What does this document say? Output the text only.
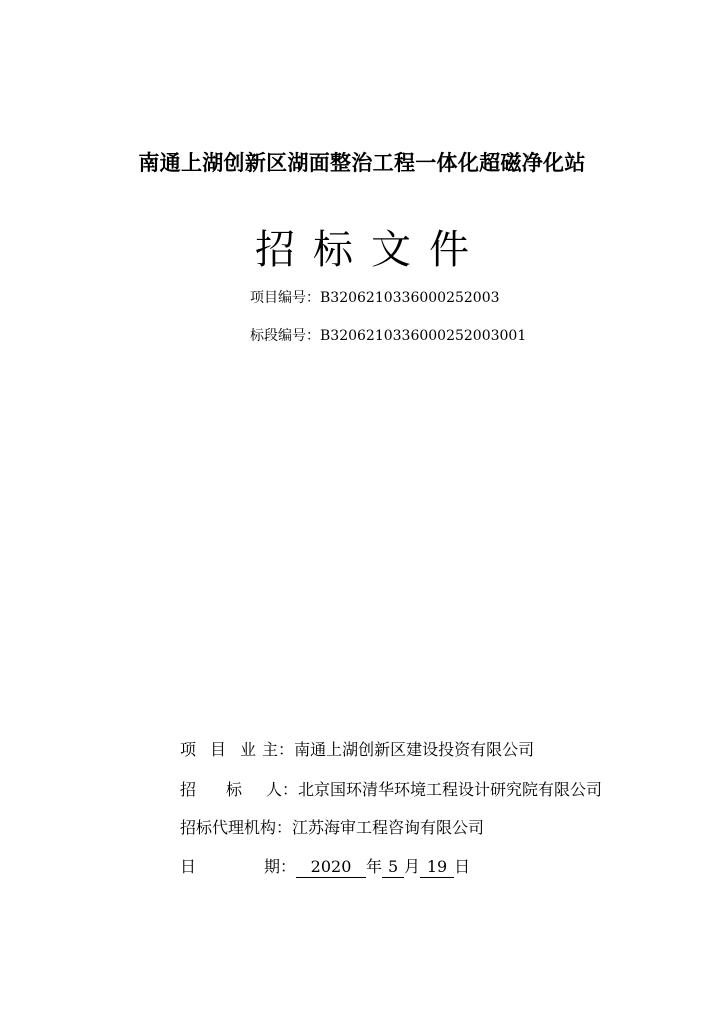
南通上湖创新区湖面整治工程一体化超磁净化站
招 标 文 件
项目编号：B3206210336000252003
标段编号：B3206210336000252003001
项 目 业 主：南通上湖创新区建设投资有限公司
招 标 人：北京国环清华环境工程设计研究院有限公司
招标代理机构：江苏海审工程咨询有限公司
日	期： 2020 年 5 月 19 日
